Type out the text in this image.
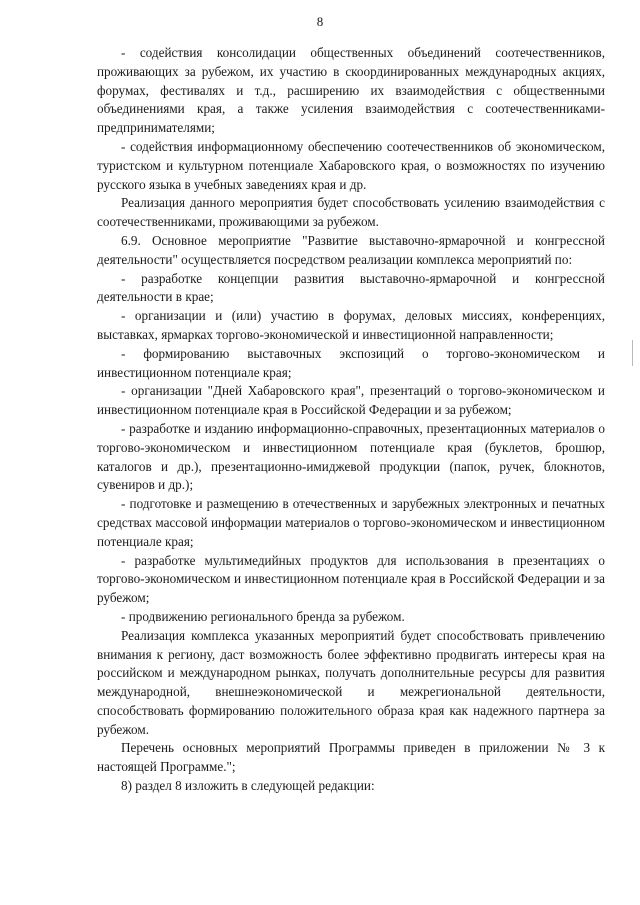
8

- содействия консолидации общественных объединений соотечественников, проживающих за рубежом, их участию в скоординированных международных акциях, форумах, фестивалях и т.д., расширению их взаимодействия с общественными объединениями края, а также усиления взаимодействия с соотечественниками-предпринимателями;

- содействия информационному обеспечению соотечественников об экономическом, туристском и культурном потенциале Хабаровского края, о возможностях по изучению русского языка в учебных заведениях края и др.

Реализация данного мероприятия будет способствовать усилению взаимодействия с соотечественниками, проживающими за рубежом.

6.9. Основное мероприятие "Развитие выставочно-ярмарочной и конгрессной деятельности" осуществляется посредством реализации комплекса мероприятий по:

- разработке концепции развития выставочно-ярмарочной и конгрессной деятельности в крае;

- организации и (или) участию в форумах, деловых миссиях, конференциях, выставках, ярмарках торгово-экономической и инвестиционной направленности;

- формированию выставочных экспозиций о торгово-экономическом и инвестиционном потенциале края;

- организации "Дней Хабаровского края", презентаций о торгово-экономическом и инвестиционном потенциале края в Российской Федерации и за рубежом;

- разработке и изданию информационно-справочных, презентационных материалов о торгово-экономическом и инвестиционном потенциале края (буклетов, брошюр, каталогов и др.), презентационно-имиджевой продукции (папок, ручек, блокнотов, сувениров и др.);

- подготовке и размещению в отечественных и зарубежных электронных и печатных средствах массовой информации материалов о торгово-экономическом и инвестиционном потенциале края;

- разработке мультимедийных продуктов для использования в презентациях о торгово-экономическом и инвестиционном потенциале края в Российской Федерации и за рубежом;

- продвижению регионального бренда за рубежом.

Реализация комплекса указанных мероприятий будет способствовать привлечению внимания к региону, даст возможность более эффективно продвигать интересы края на российском и международном рынках, получать дополнительные ресурсы для развития международной, внешнеэкономической и межрегиональной деятельности, способствовать формированию положительного образа края как надежного партнера за рубежом.

Перечень основных мероприятий Программы приведен в приложении № 3 к настоящей Программе.";

8) раздел 8 изложить в следующей редакции:
